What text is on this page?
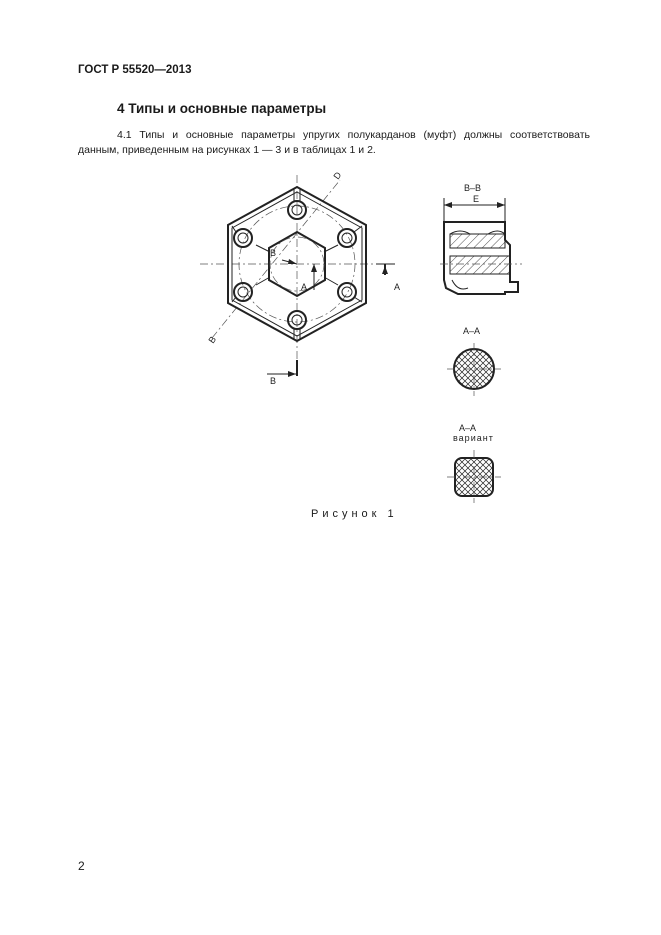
ГОСТ Р 55520—2013
4 Типы и основные параметры
4.1 Типы и основные параметры упругих полукарданов (муфт) должны соответствовать данным, приведенным на рисунках 1 — 3 и в таблицах 1 и 2.
B
A	A
B
D
B
B–B
E
A–A
A–A
вариант
Рисунок 1
2
